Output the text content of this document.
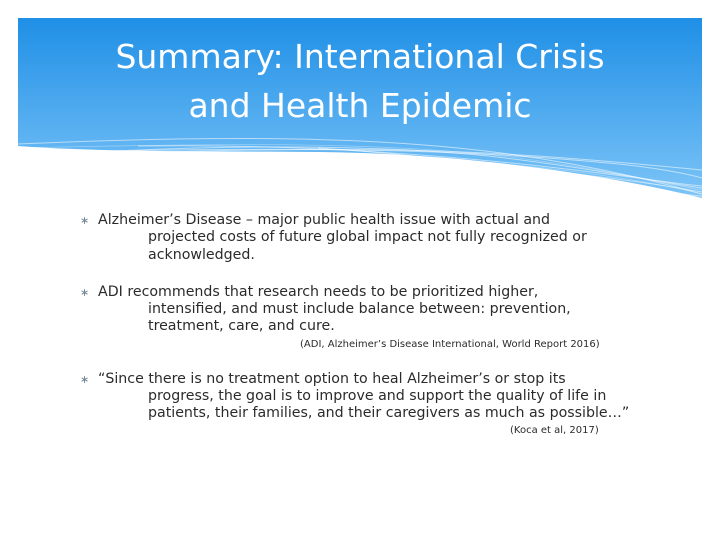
Summary: International Crisis
and Health Epidemic
∗ Alzheimer’s Disease – major public health issue with actual and
projected costs of future global impact not fully recognized or
acknowledged.
∗ ADI recommends that research needs to be prioritized higher,
intensified, and must include balance between: prevention,
treatment, care, and cure.
(ADI, Alzheimer’s Disease International, World Report 2016)
∗ “Since there is no treatment option to heal Alzheimer’s or stop its
progress, the goal is to improve and support the quality of life in
patients, their families, and their caregivers as much as possible…”
(Koca et al, 2017)
